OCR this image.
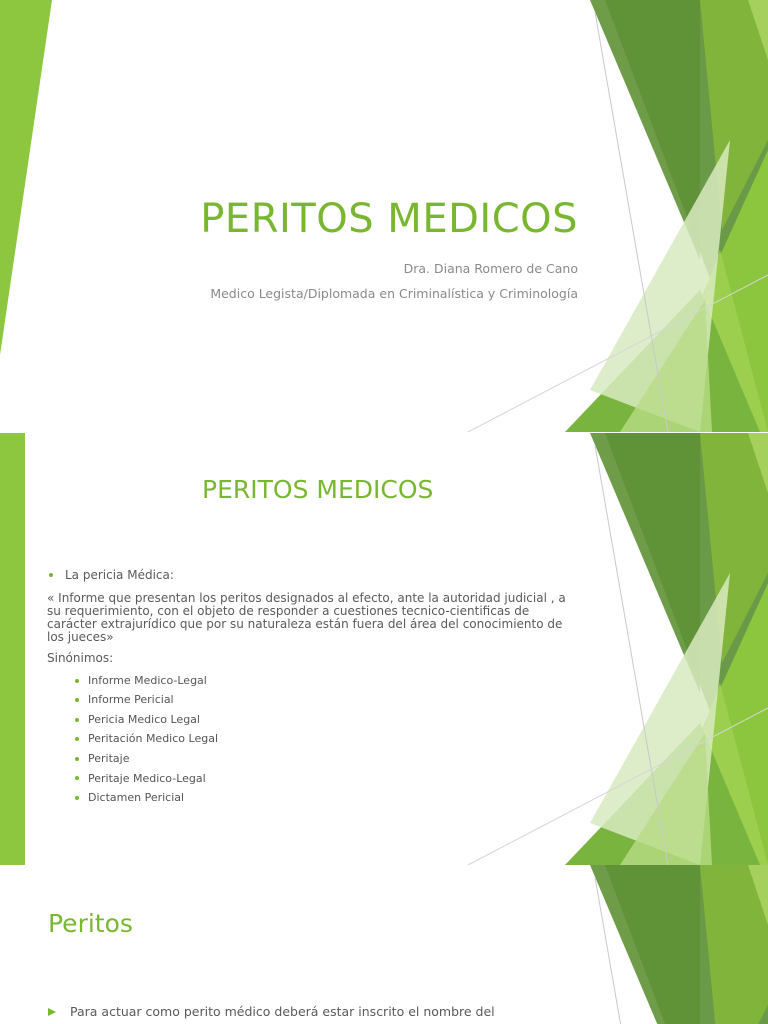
PERITOS MEDICOS
Dra. Diana Romero de Cano
Medico Legista/Diplomada en Criminalística y Criminología
PERITOS MEDICOS
La pericia Médica:
« Informe que presentan los peritos designados al efecto, ante la autoridad judicial , a su requerimiento, con el objeto de responder a cuestiones tecnico-cientificas de carácter extrajurídico que por su naturaleza están fuera del área del conocimiento de los jueces»
Sinónimos:
Informe Medico-Legal
Informe Pericial
Pericia Medico Legal
Peritación Medico Legal
Peritaje
Peritaje Medico-Legal
Dictamen Pericial
Peritos
Para actuar como perito médico deberá estar inscrito el nombre del
